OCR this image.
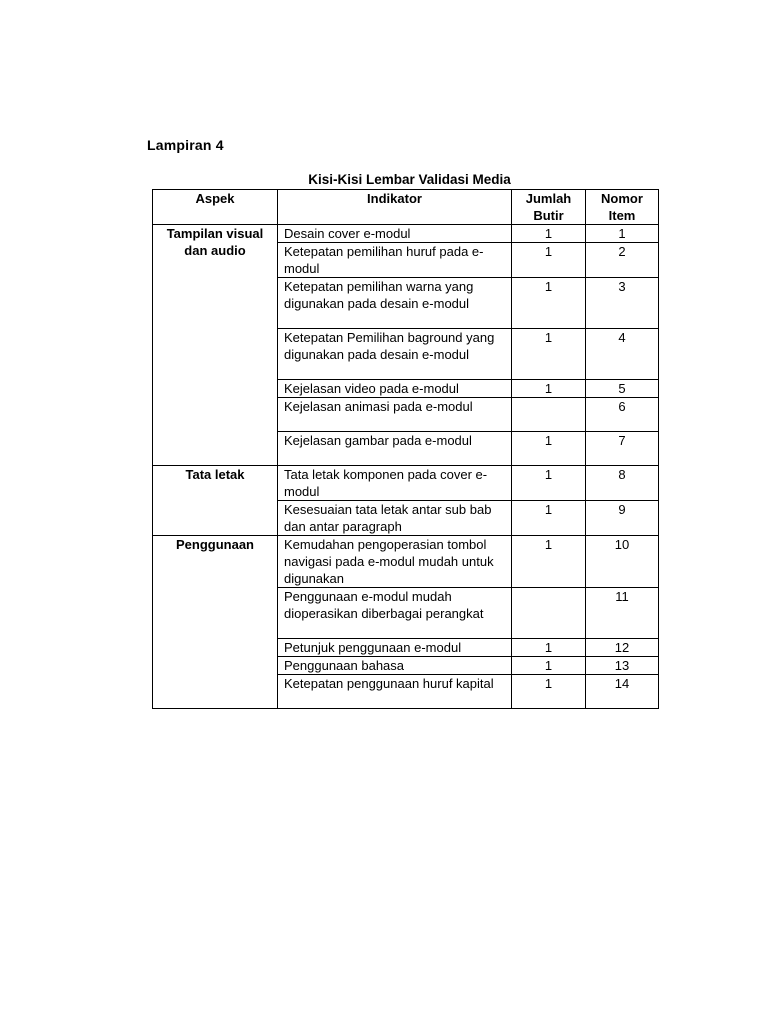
Lampiran 4
Kisi-Kisi Lembar Validasi Media
Aspek	Indikator	Jumlah Butir	Nomor Item
Tampilan visual dan audio	Desain cover e-modul	1	1
	Ketepatan pemilihan huruf pada e-modul	1	2
	Ketepatan pemilihan warna yang digunakan pada desain e-modul	1	3
	Ketepatan Pemilihan baground yang digunakan pada desain e-modul	1	4
	Kejelasan video pada e-modul	1	5
	Kejelasan animasi pada e-modul		6
	Kejelasan gambar pada e-modul	1	7
Tata letak	Tata letak komponen pada cover e-modul	1	8
	Kesesuaian tata letak antar sub bab dan antar paragraph	1	9
Penggunaan	Kemudahan pengoperasian tombol navigasi pada e-modul mudah untuk digunakan	1	10
	Penggunaan e-modul mudah dioperasikan diberbagai perangkat		11
	Petunjuk penggunaan e-modul	1	12
	Penggunaan bahasa	1	13
	Ketepatan penggunaan huruf kapital	1	14
